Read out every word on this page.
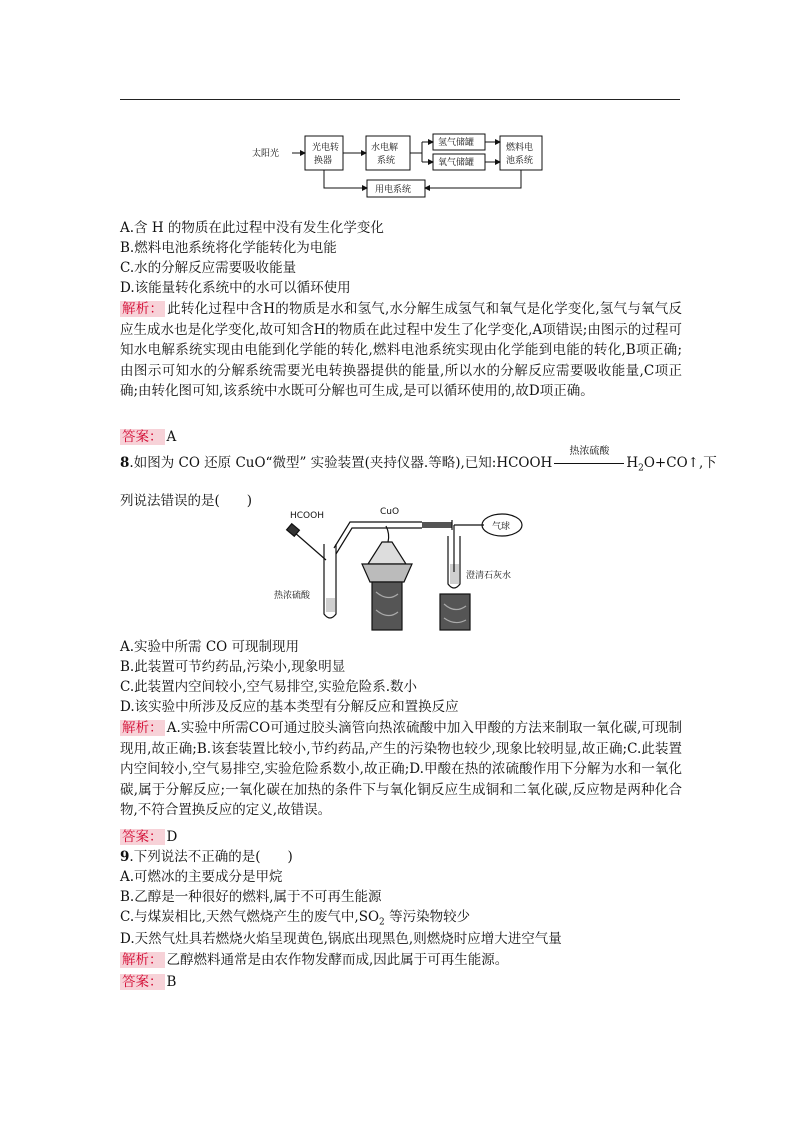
太阳光
光电转
换器
水电解
系统
氢气储罐
氧气储罐
燃料电
池系统
用电系统
A.含 H 的物质在此过程中没有发生化学变化
B.燃料电池系统将化学能转化为电能
C.水的分解反应需要吸收能量
D.该能量转化系统中的水可以循环使用
解析： 此转化过程中含H的物质是水和氢气,水分解生成氢气和氧气是化学变化,氢气与氧气反应生成水也是化学变化,故可知含H的物质在此过程中发生了化学变化,A项错误;由图示的过程可知水电解系统实现由电能到化学能的转化,燃料电池系统实现由化学能到电能的转化,B项正确;由图示可知水的分解系统需要光电转换器提供的能量,所以水的分解反应需要吸收能量,C项正确;由转化图可知,该系统中水既可分解也可生成,是可以循环使用的,故D项正确。
答案： A
8.如图为 CO 还原 CuO“微型” 实验装置(夹持仪器.等略),已知:HCOOH
热浓硫酸
$H_2O+CO↑$,下
列说法错误的是(　　)
HCOOH	CuO
热浓硫酸
澄清石灰水
气球
A.实验中所需 CO 可现制现用
B.此装置可节约药品,污染小,现象明显
C.此装置内空间较小,空气易排空,实验危险系.数小
D.该实验中所涉及反应的基本类型有分解反应和置换反应
解析： A.实验中所需CO可通过胶头滴管向热浓硫酸中加入甲酸的方法来制取一氧化碳,可现制现用,故正确;B.该套装置比较小,节约药品,产生的污染物也较少,现象比较明显,故正确;C.此装置内空间较小,空气易排空,实验危险系数小,故正确;D.甲酸在热的浓硫酸作用下分解为水和一氧化碳,属于分解反应;一氧化碳在加热的条件下与氧化铜反应生成铜和二氧化碳,反应物是两种化合物,不符合置换反应的定义,故错误。
答案： D
9.下列说法不正确的是(　　)
A.可燃冰的主要成分是甲烷
B.乙醇是一种很好的燃料,属于不可再生能源
C.与煤炭相比,天然气燃烧产生的废气中$,SO_2$ 等污染物较少
D.天然气灶具若燃烧火焰呈现黄色,锅底出现黑色,则燃烧时应增大进空气量
解析： 乙醇燃料通常是由农作物发酵而成,因此属于可再生能源。
答案： B
